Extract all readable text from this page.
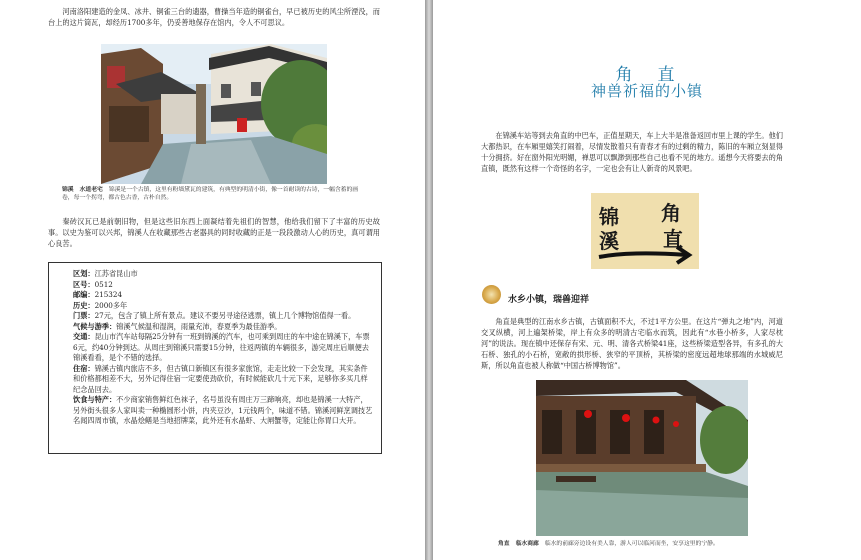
河南洛阳建造的金凤、冰井、铜雀三台的遗器，曹操当年造的铜雀台，早已被历史的风尘所湮没，而台上的这片筒瓦，却经历1700多年，仍妥善地保存在馆内，令人不可思议。

锦溪 水道老宅 锦溪是一个古镇，这里有粉墙黛瓦的建筑，有典型的明清小街，像一首耐读的古诗，一幅含蓄的画卷，每一个拐弯，都古色古香，古朴自然。

秦砖汉瓦已是前朝旧物，但是这些旧东西上面凝结着先祖们的智慧，他给我们留下了丰富的历史故事。以史为鉴可以兴邦，锦溪人在收藏那些古老器具的同时收藏的正是一段段激动人心的历史，真可谓用心良苦。

区划：江苏省昆山市
区号：0512
邮编：215324
历史：2000多年
门票：27元，包含了镇上所有景点。建议不要另寻途径逃票，镇上几个博物馆值得一看。
气候与游季：锦溪气候温和湿润，雨量充沛，春夏季为最佳游季。
交通：昆山市汽车站每隔25分钟有一班到锦溪的汽车，也可乘到周庄的车中途在锦溪下，车票6元，约40分钟到达。从周庄到锦溪只需要15分钟，往返两镇的车辆很多，游完周庄后顺便去锦溪看看，是个不错的选择。
住宿：锦溪古镇内旅店不多，但古镇口新镇区有很多家旅馆，走走比较一下会发现，其实条件和价格都相差不大，另外记得住宿一定要使劲砍价，有时候能砍几十元下来，足够你多买几样纪念品回去。
饮食与特产：不少商家销售鲜红色袜子，名号虽没有周庄万三蹄响亮，却也是锦溪一大特产，另外街头很多人家叫卖一种椭圆形小饼，内夹豆沙，1元钱两个，味道不错。锦溪河鲜烹调技艺名闻四周市镇，水晶烩鳝是当地招牌菜，此外还有水晶虾、大闸蟹等，定能让你胃口大开。
角　直
神兽祈福的小镇

在锦溪车站等到去角直的中巴车，正值星期天，车上大半是准备返回市里上课的学生。他们大都热识，在车厢里嬉笑打闹着，尽情发散着只有青春才有的过剩的精力，陈旧的车厢立刻显得十分拥挤。好在窗外阳光明媚，禅思可以飘渺到那些自己也看不见的地方。遥想今天将要去的角直镇，既然有这样一个奇怪的名字，一定也会有让人新奇的风景吧。

锦
溪
角
直
水乡小镇，瑞兽迎祥

角直是典型的江南水乡古镇，古镇面积不大，不过1平方公里。在这片“弹丸之地”内，河道交叉纵横，河上遍架桥梁，岸上有众多的明清古宅临水而筑，因此有“水巷小桥多，人家尽枕河”的说法。现在镇中还保存有宋、元、明、清各式桥梁41座，这些桥梁造型各异，有多孔的大石桥、独孔的小石桥，宽敞的拱形桥、狭窄的平顶桥，其桥梁的密度远超地球那端的水城威尼斯，所以角直也被人称做“中国古桥博物馆”。

角直 临水商廊 临水的前廊旁边设有美人靠，游人可以临河而坐，安享这里的宁静。
